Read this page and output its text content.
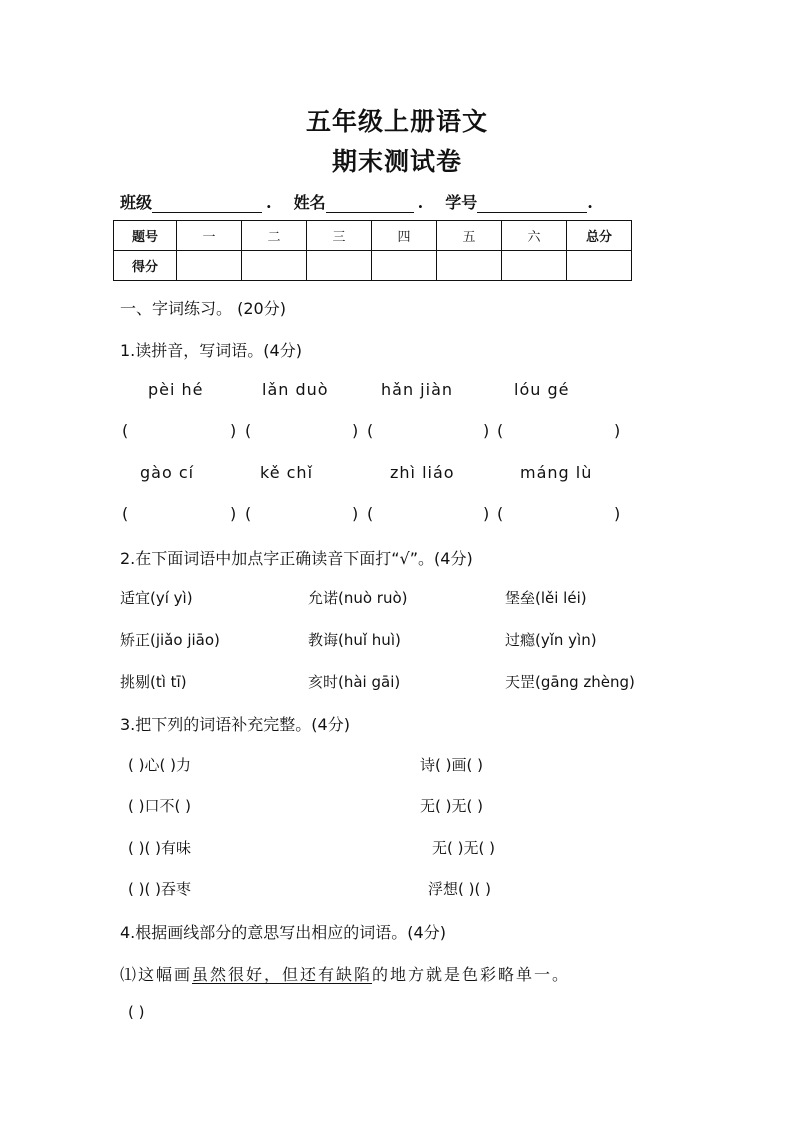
五年级上册语文
期末测试卷
班级	. 姓名	. 学号	.
题号	一	二	三	四	五	六	总分
得分							
一、字词练习。 (20分)
1.读拼音，写词语。(4分)
pèi hé	lǎn duò	hǎn jiàn	lóu gé
(	) (	) (	) (	)
gào cí	kě chǐ	zhì liáo	máng lù
(	) (	) (	) (	)
2.在下面词语中加点字正确读音下面打“√”。(4分)
适宜(yí yì)	允诺(nuò ruò)	堡垒(lěi léi)
矫正(jiǎo jiāo)	教诲(huǐ huì)	过瘾(yǐn yìn)
挑剔(tì tī)	亥时(hài gāi)	天罡(gāng zhèng)
3.把下列的词语补充完整。(4分)
( )心( )力	诗( )画( )
( )口不( )	无( )无( )
( )( )有味	无( )无( )
( )( )吞枣	浮想( )( )
4.根据画线部分的意思写出相应的词语。(4分)
⑴这幅画虽然很好，但还有缺陷的地方就是色彩略单一。
( )
